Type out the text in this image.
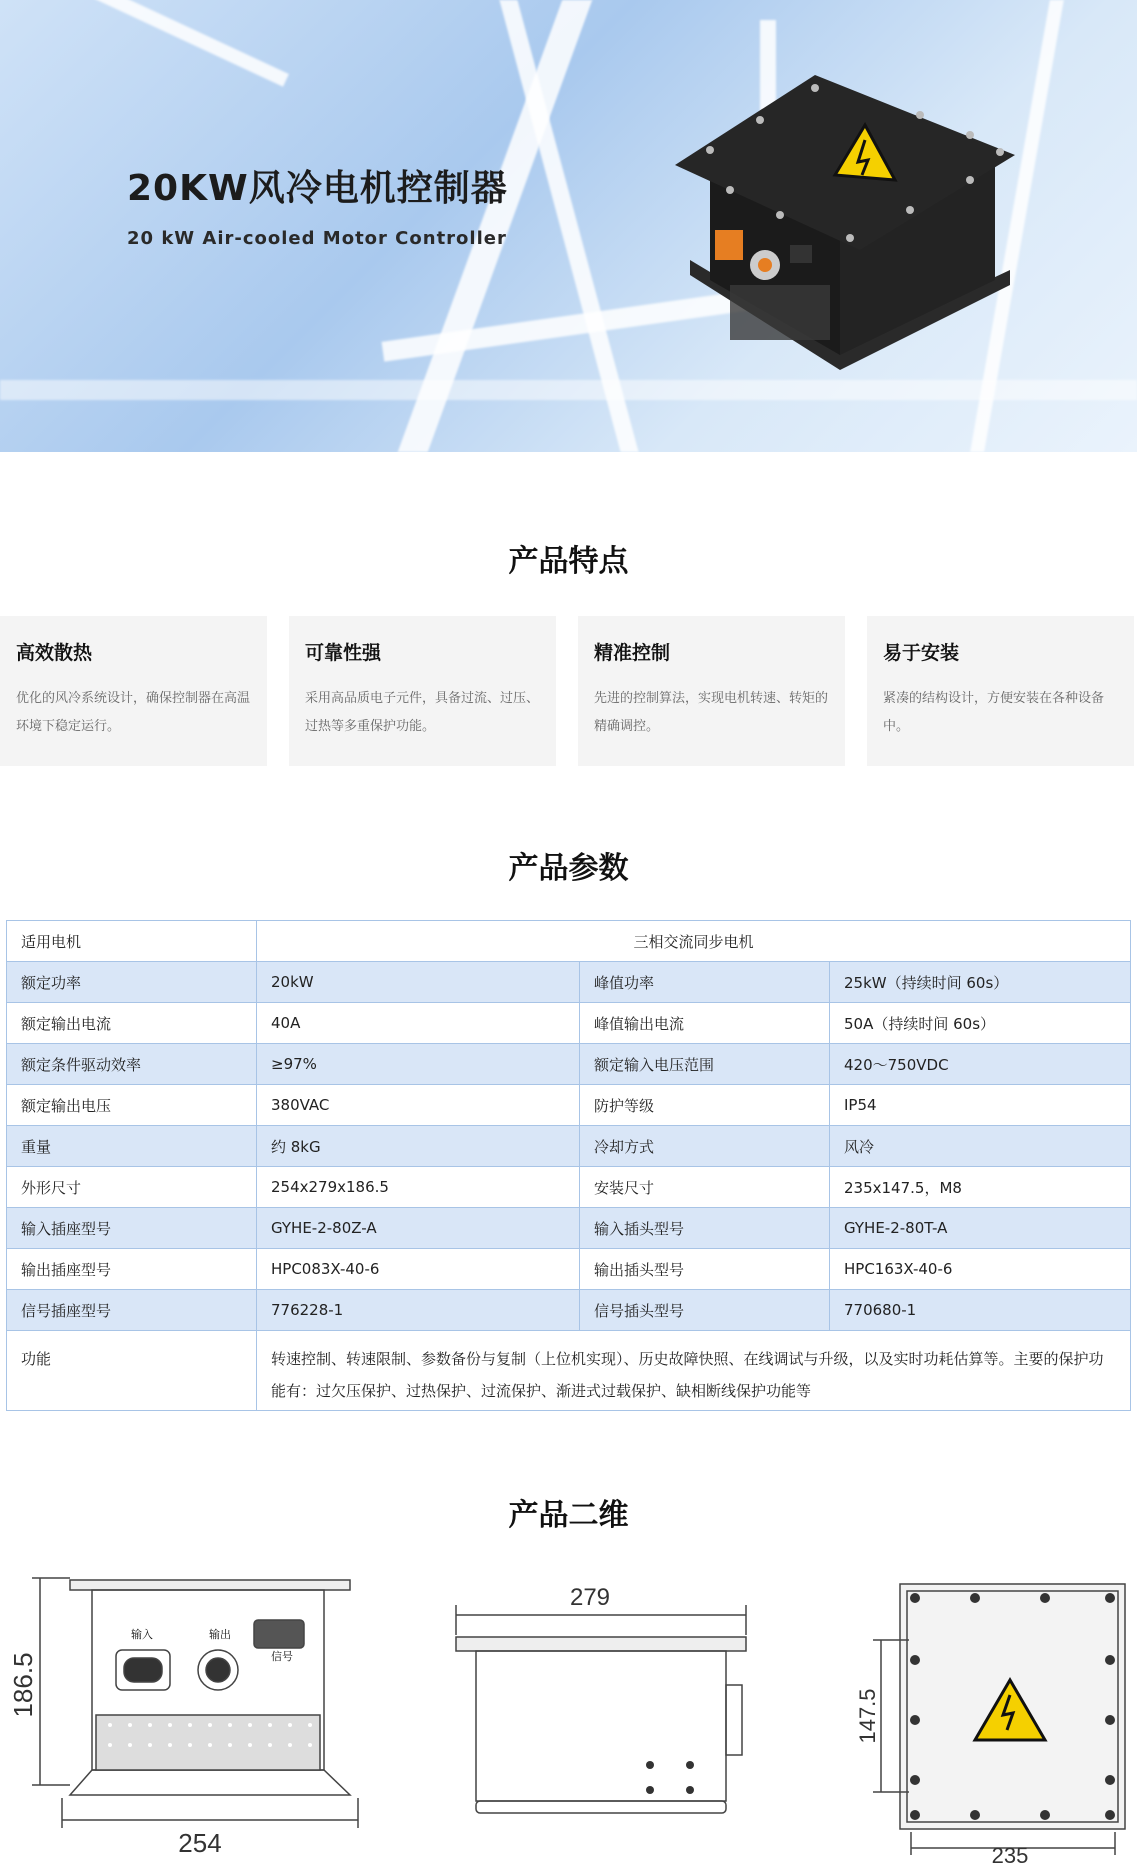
20KW风冷电机控制器
20 kW Air-cooled Motor Controller
产品特点
高效散热

优化的风冷系统设计，确保控制器在高温环境下稳定运行。

可靠性强

采用高品质电子元件，具备过流、过压、过热等多重保护功能。

精准控制

先进的控制算法，实现电机转速、转矩的精确调控。

易于安装

紧凑的结构设计，方便安装在各种设备中。

产品参数
适用电机	三相交流同步电机		
额定功率	20kW	峰值功率	25kW（持续时间 60s）
额定输出电流	40A	峰值输出电流	50A（持续时间 60s）
额定条件驱动效率	≥97%	额定输入电压范围	420～750VDC
额定输出电压	380VAC	防护等级	IP54
重量	约 8kG	冷却方式	风冷
外形尺寸	254x279x186.5	安装尺寸	235x147.5，M8
输入插座型号	GYHE-2-80Z-A	输入插头型号	GYHE-2-80T-A
输出插座型号	HPC083X-40-6	输出插头型号	HPC163X-40-6
信号插座型号	776228-1	信号插头型号	770680-1
功能	转速控制、转速限制、参数备份与复制（上位机实现）、历史故障快照、在线调试与升级，以及实时功耗估算等。主要的保护功能有：过欠压保护、过热保护、过流保护、渐进式过载保护、缺相断线保护功能等		
产品二维
186.5
254
输入	输出
信号
279
147.5
235
